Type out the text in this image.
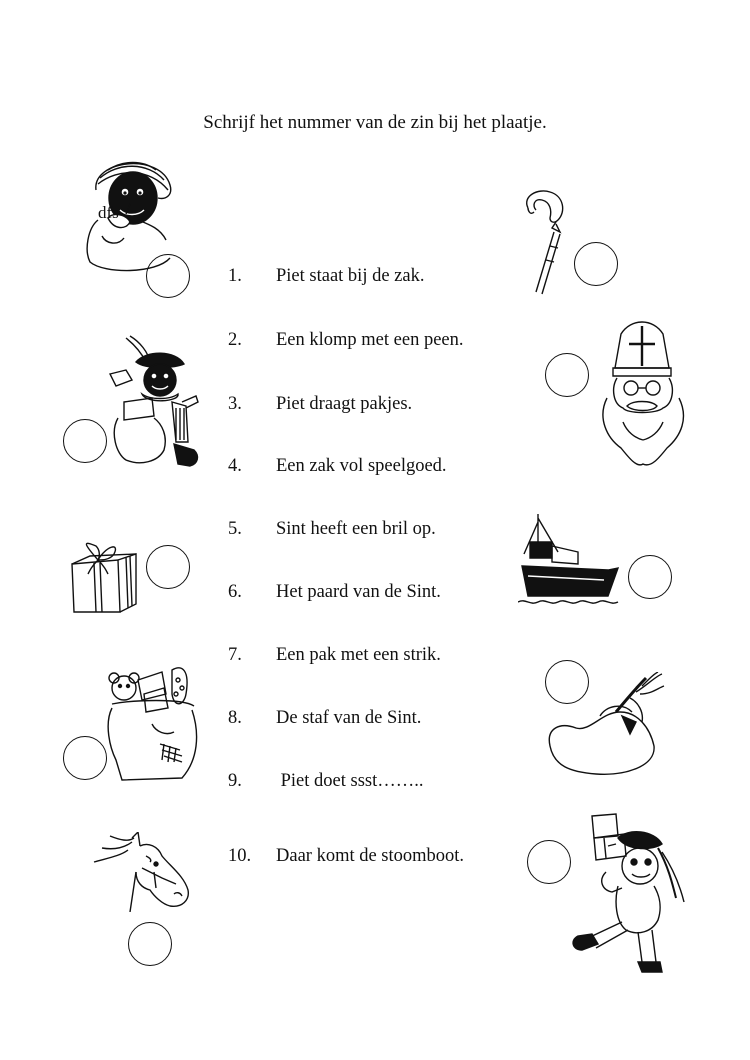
Schrijf het nummer van de zin bij het plaatje.
1. Piet staat bij de zak.
2. Een klomp met een peen.
3. Piet draagt pakjes.
4. Een zak vol speelgoed.
5. Sint heeft een bril op.
6. Het paard van de Sint.
7. Een pak met een strik.
8. De staf van de Sint.
9. Piet doet ssst……..
10. Daar komt de stoomboot.
dfs
